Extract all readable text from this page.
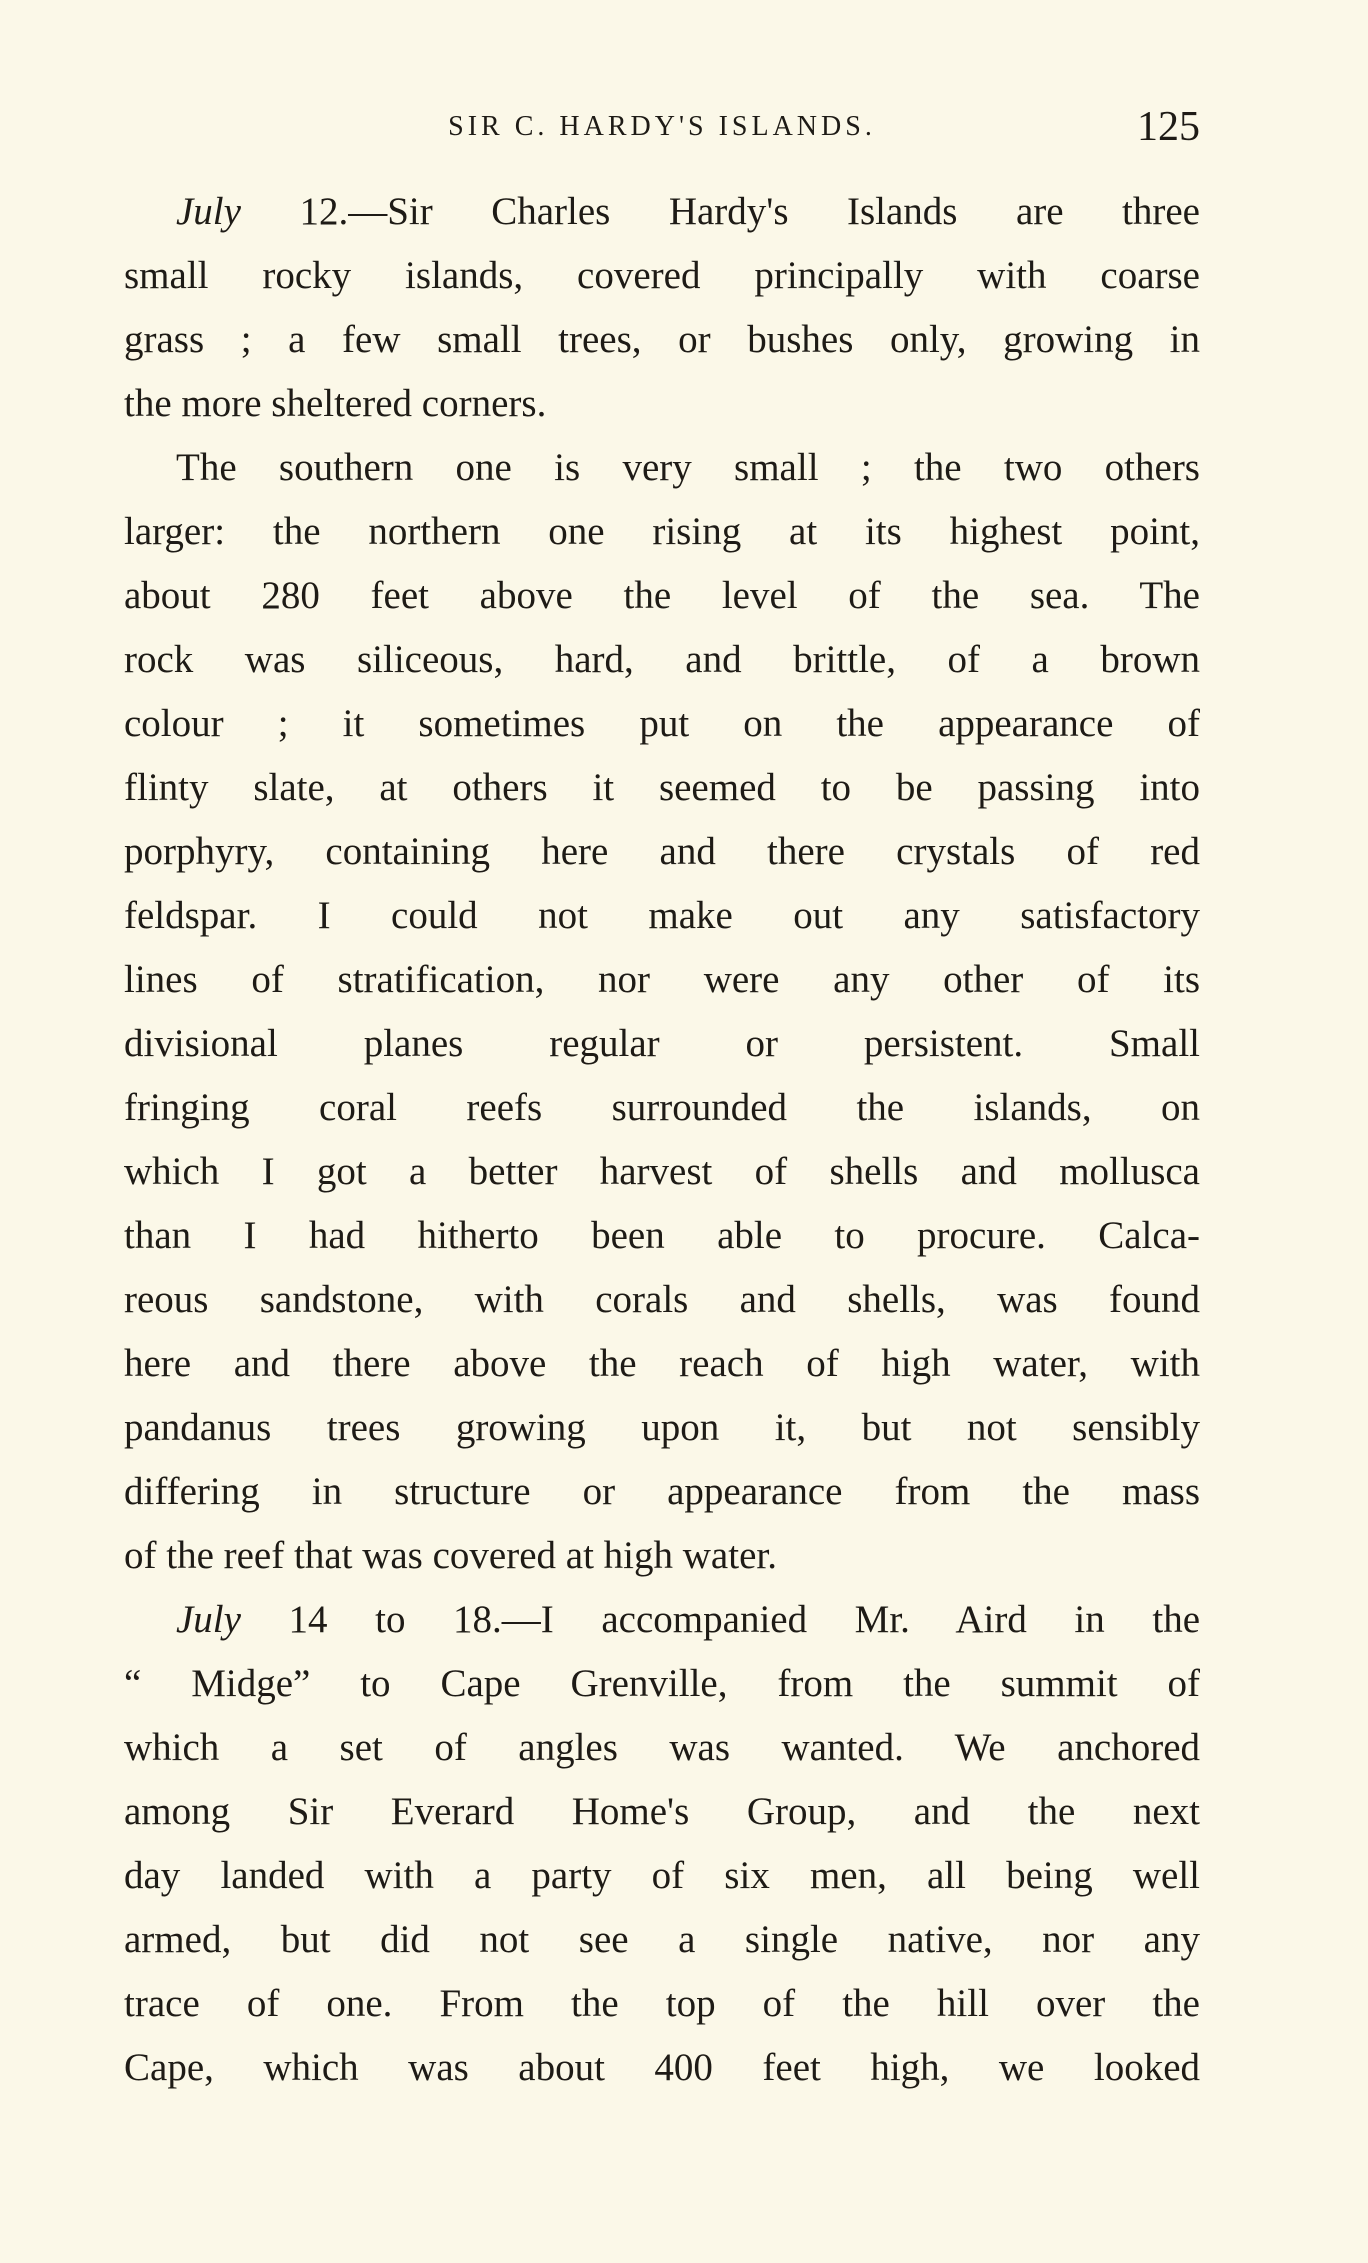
SIR C. HARDY'S ISLANDS.	125
July 12.—Sir Charles Hardy's Islands are three
small rocky islands, covered principally with coarse
grass ; a few small trees, or bushes only, growing in
the more sheltered corners.
The southern one is very small ; the two others
larger: the northern one rising at its highest point,
about 280 feet above the level of the sea. The
rock was siliceous, hard, and brittle, of a brown
colour ; it sometimes put on the appearance of
flinty slate, at others it seemed to be passing into
porphyry, containing here and there crystals of red
feldspar. I could not make out any satisfactory
lines of stratification, nor were any other of its
divisional planes regular or persistent. Small
fringing coral reefs surrounded the islands, on
which I got a better harvest of shells and mollusca
than I had hitherto been able to procure. Calca-
reous sandstone, with corals and shells, was found
here and there above the reach of high water, with
pandanus trees growing upon it, but not sensibly
differing in structure or appearance from the mass
of the reef that was covered at high water.
July 14 to 18.—I accompanied Mr. Aird in the
“ Midge” to Cape Grenville, from the summit of
which a set of angles was wanted. We anchored
among Sir Everard Home's Group, and the next
day landed with a party of six men, all being well
armed, but did not see a single native, nor any
trace of one. From the top of the hill over the
Cape, which was about 400 feet high, we looked
